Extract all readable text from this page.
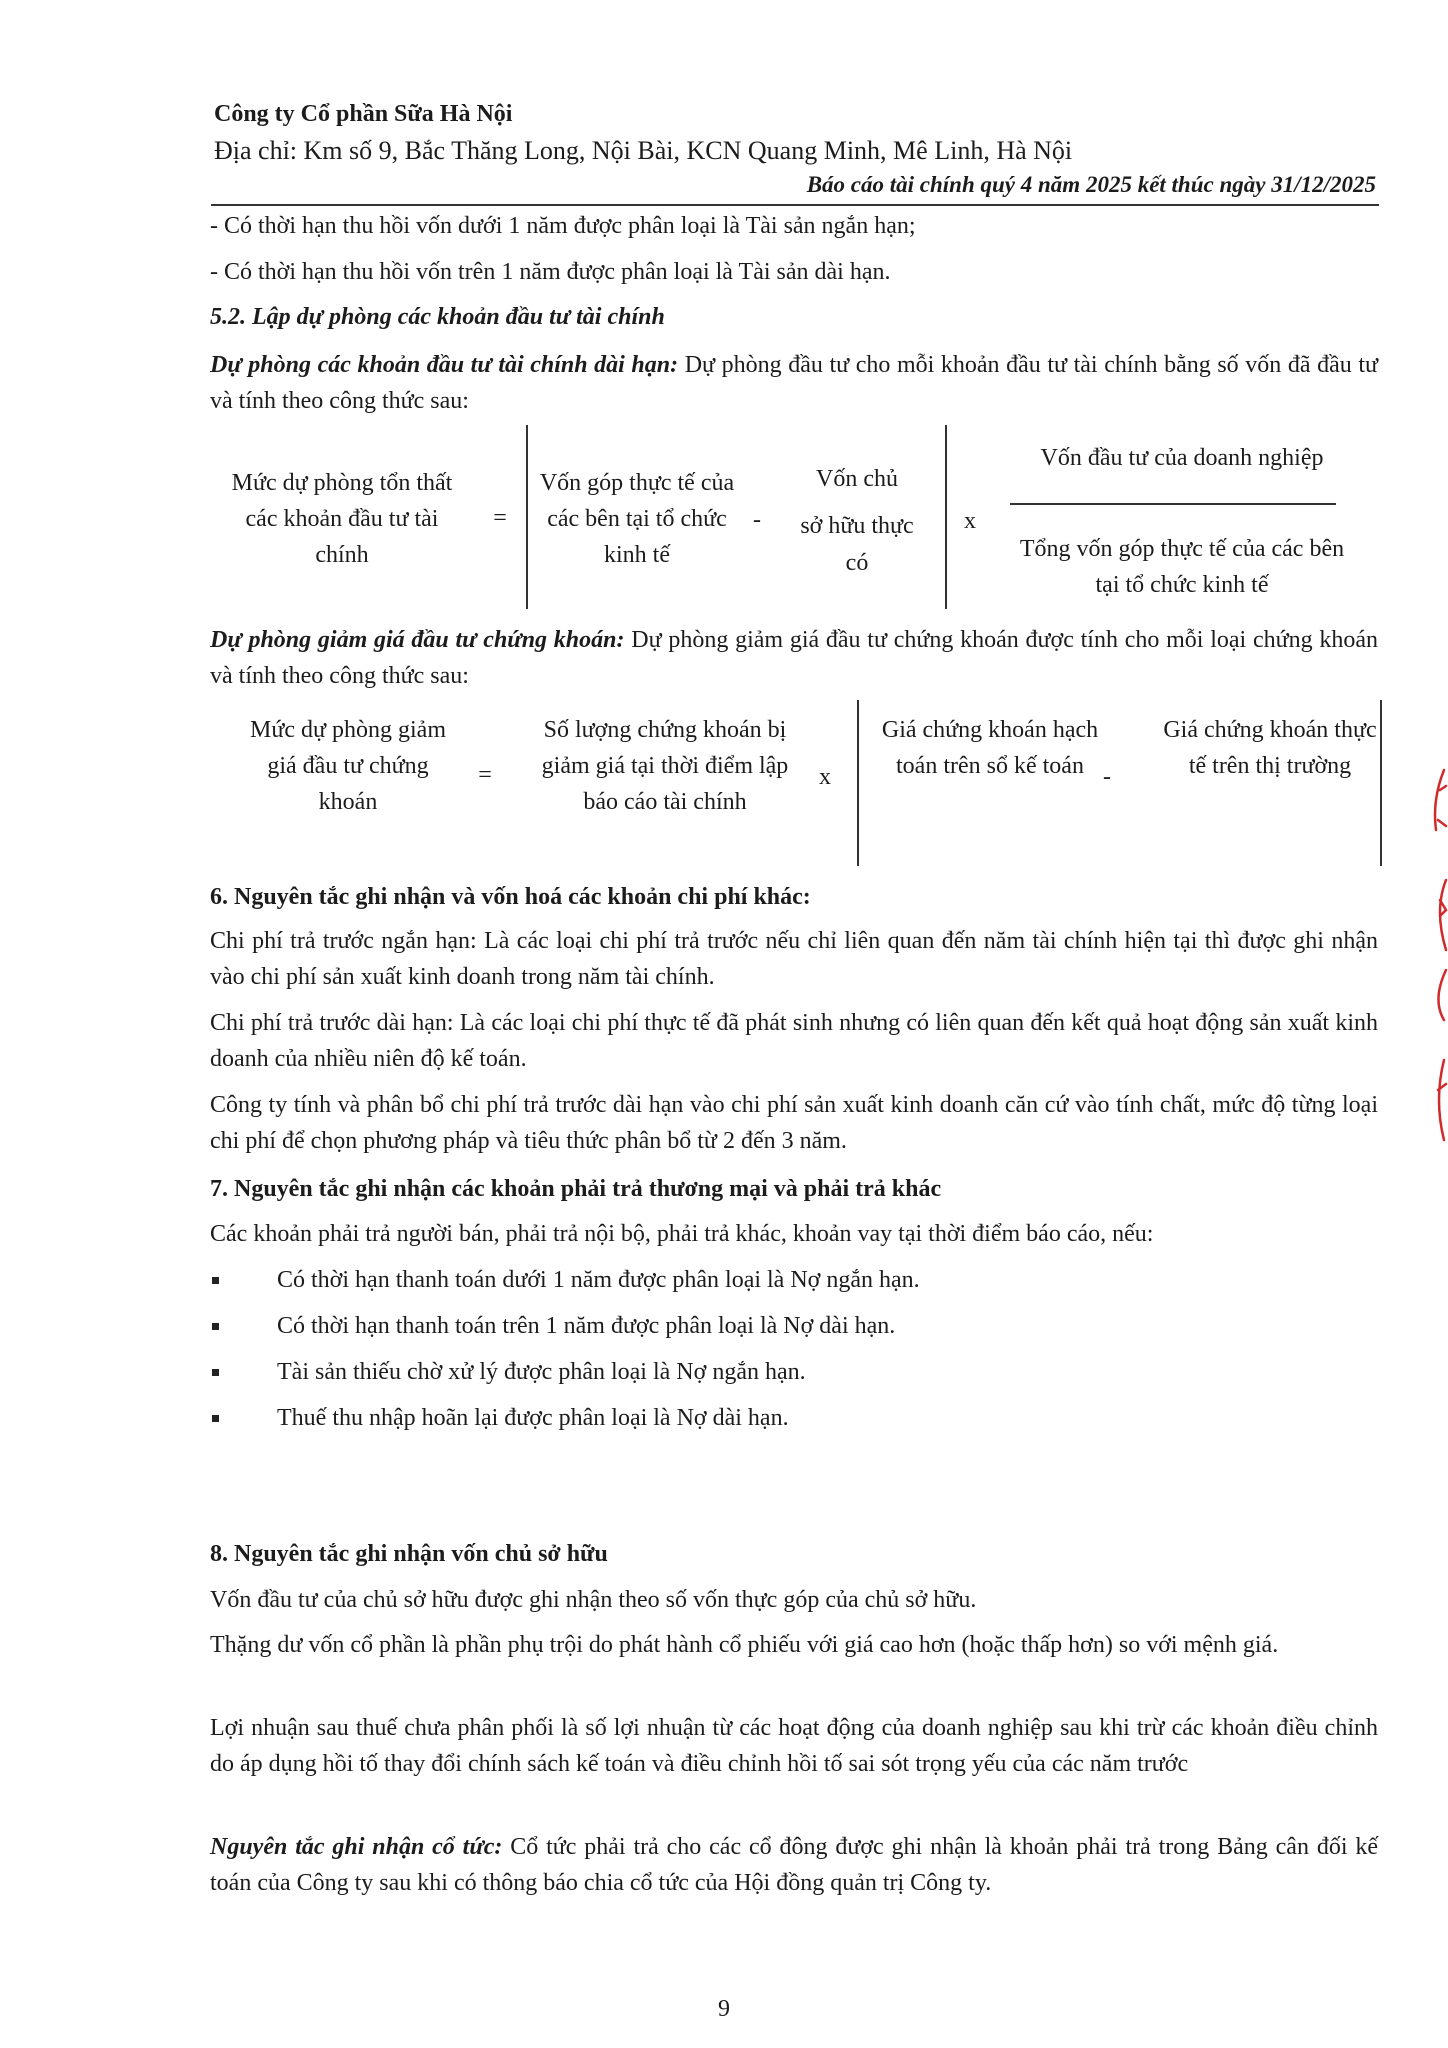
Công ty Cổ phần Sữa Hà Nội
Địa chỉ: Km số 9, Bắc Thăng Long, Nội Bài, KCN Quang Minh, Mê Linh, Hà Nội
Báo cáo tài chính quý 4 năm 2025 kết thúc ngày 31/12/2025
- Có thời hạn thu hồi vốn dưới 1 năm được phân loại là Tài sản ngắn hạn;
- Có thời hạn thu hồi vốn trên 1 năm được phân loại là Tài sản dài hạn.
5.2. Lập dự phòng các khoản đầu tư tài chính
Dự phòng các khoản đầu tư tài chính dài hạn: Dự phòng đầu tư cho mỗi khoản đầu tư tài chính bằng số vốn đã đầu tư và tính theo công thức sau:
Mức dự phòng tổn thất các khoản đầu tư tài chính
=
Vốn góp thực tế của các bên tại tổ chức kinh tế
-
Vốn chủ
sở hữu thực
có
x
Vốn đầu tư của doanh nghiệp
Tổng vốn góp thực tế của các bên tại tổ chức kinh tế
Dự phòng giảm giá đầu tư chứng khoán: Dự phòng giảm giá đầu tư chứng khoán được tính cho mỗi loại chứng khoán và tính theo công thức sau:
Mức dự phòng giảm giá đầu tư chứng khoán
=
Số lượng chứng khoán bị giảm giá tại thời điểm lập báo cáo tài chính
x
Giá chứng khoán hạch toán trên sổ kế toán -
Giá chứng khoán thực tế trên thị trường
6. Nguyên tắc ghi nhận và vốn hoá các khoản chi phí khác:
Chi phí trả trước ngắn hạn: Là các loại chi phí trả trước nếu chỉ liên quan đến năm tài chính hiện tại thì được ghi nhận vào chi phí sản xuất kinh doanh trong năm tài chính.
Chi phí trả trước dài hạn: Là các loại chi phí thực tế đã phát sinh nhưng có liên quan đến kết quả hoạt động sản xuất kinh doanh của nhiều niên độ kế toán.
Công ty tính và phân bổ chi phí trả trước dài hạn vào chi phí sản xuất kinh doanh căn cứ vào tính chất, mức độ từng loại chi phí để chọn phương pháp và tiêu thức phân bổ từ 2 đến 3 năm.
7. Nguyên tắc ghi nhận các khoản phải trả thương mại và phải trả khác
Các khoản phải trả người bán, phải trả nội bộ, phải trả khác, khoản vay tại thời điểm báo cáo, nếu:
Có thời hạn thanh toán dưới 1 năm được phân loại là Nợ ngắn hạn.
Có thời hạn thanh toán trên 1 năm được phân loại là Nợ dài hạn.
Tài sản thiếu chờ xử lý được phân loại là Nợ ngắn hạn.
Thuế thu nhập hoãn lại được phân loại là Nợ dài hạn.
8. Nguyên tắc ghi nhận vốn chủ sở hữu
Vốn đầu tư của chủ sở hữu được ghi nhận theo số vốn thực góp của chủ sở hữu.
Thặng dư vốn cổ phần là phần phụ trội do phát hành cổ phiếu với giá cao hơn (hoặc thấp hơn) so với mệnh giá.
Lợi nhuận sau thuế chưa phân phối là số lợi nhuận từ các hoạt động của doanh nghiệp sau khi trừ các khoản điều chỉnh do áp dụng hồi tố thay đổi chính sách kế toán và điều chỉnh hồi tố sai sót trọng yếu của các năm trước
Nguyên tắc ghi nhận cổ tức: Cổ tức phải trả cho các cổ đông được ghi nhận là khoản phải trả trong Bảng cân đối kế toán của Công ty sau khi có thông báo chia cổ tức của Hội đồng quản trị Công ty.
9
